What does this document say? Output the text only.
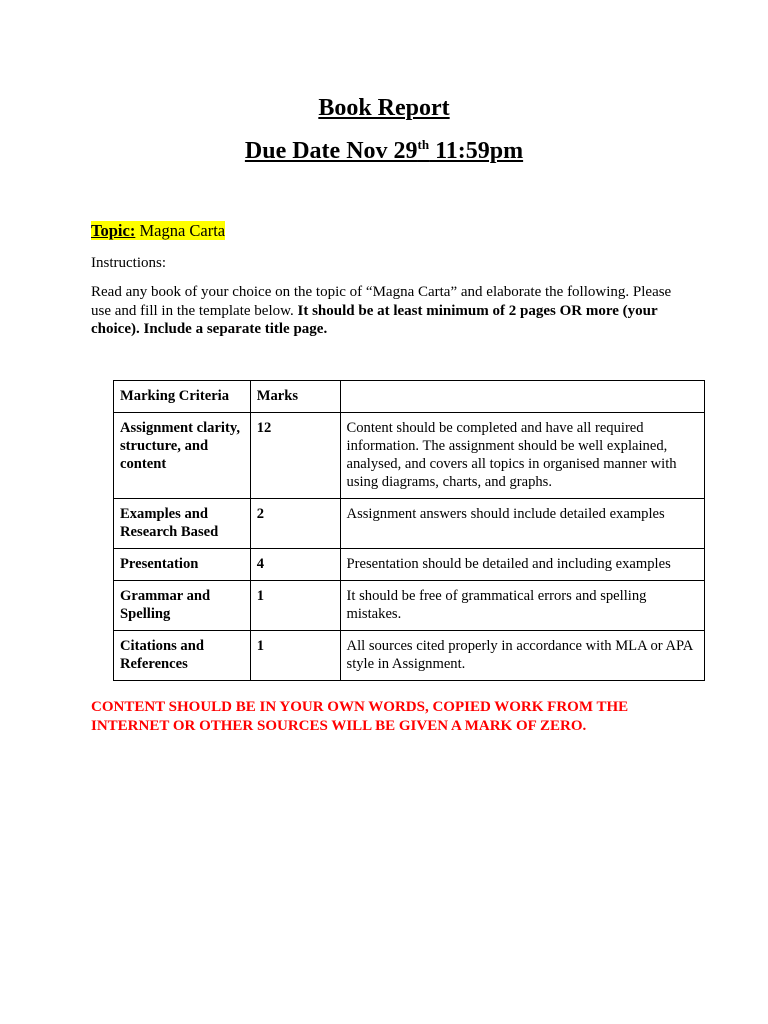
Book Report
Due Date Nov 29th 11:59pm

Topic: Magna Carta

Instructions:

Read any book of your choice on the topic of “Magna Carta” and elaborate the following. Please use and fill in the template below. It should be at least minimum of 2 pages OR more (your choice). Include a separate title page.

Marking Criteria	Marks	
Assignment clarity, structure, and content	12	Content should be completed and have all required information. The assignment should be well explained, analysed, and covers all topics in organised manner with using diagrams, charts, and graphs.
Examples and Research Based	2	Assignment answers should include detailed examples
Presentation	4	Presentation should be detailed and including examples
Grammar and Spelling	1	It should be free of grammatical errors and spelling mistakes.
Citations and References	1	All sources cited properly in accordance with MLA or APA style in Assignment.

CONTENT SHOULD BE IN YOUR OWN WORDS, COPIED WORK FROM THE INTERNET OR OTHER SOURCES WILL BE GIVEN A MARK OF ZERO.
